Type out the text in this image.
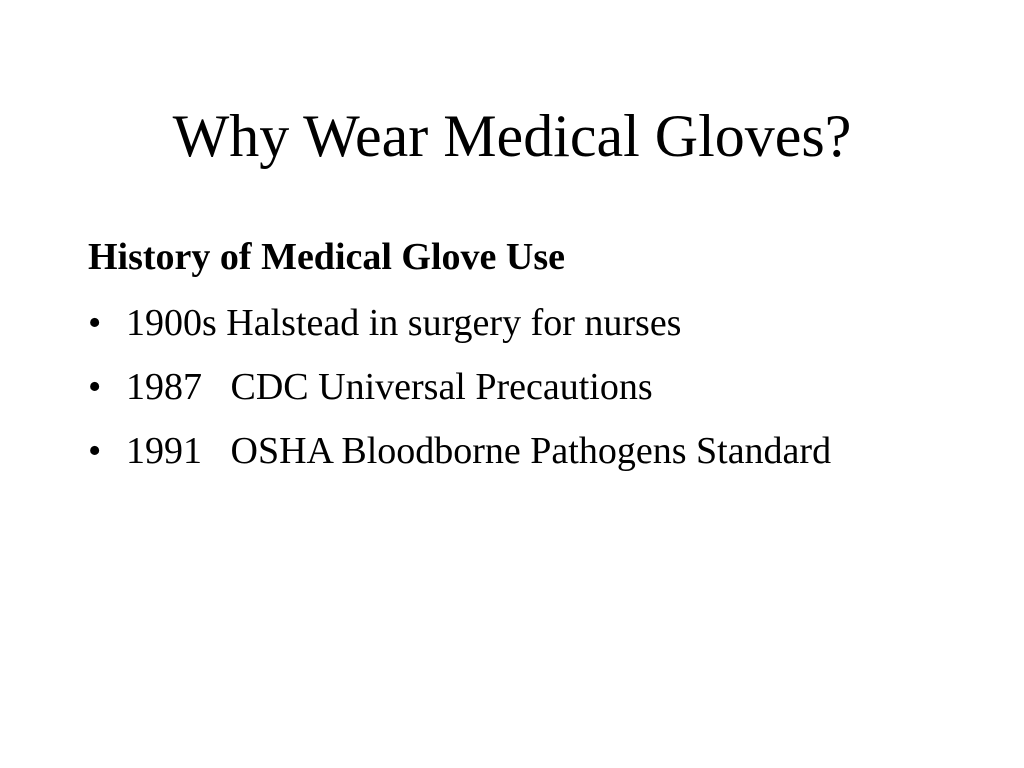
Why Wear Medical Gloves?
History of Medical Glove Use
• 1900s Halstead in surgery for nurses
• 1987   CDC Universal Precautions
• 1991   OSHA Bloodborne Pathogens Standard
